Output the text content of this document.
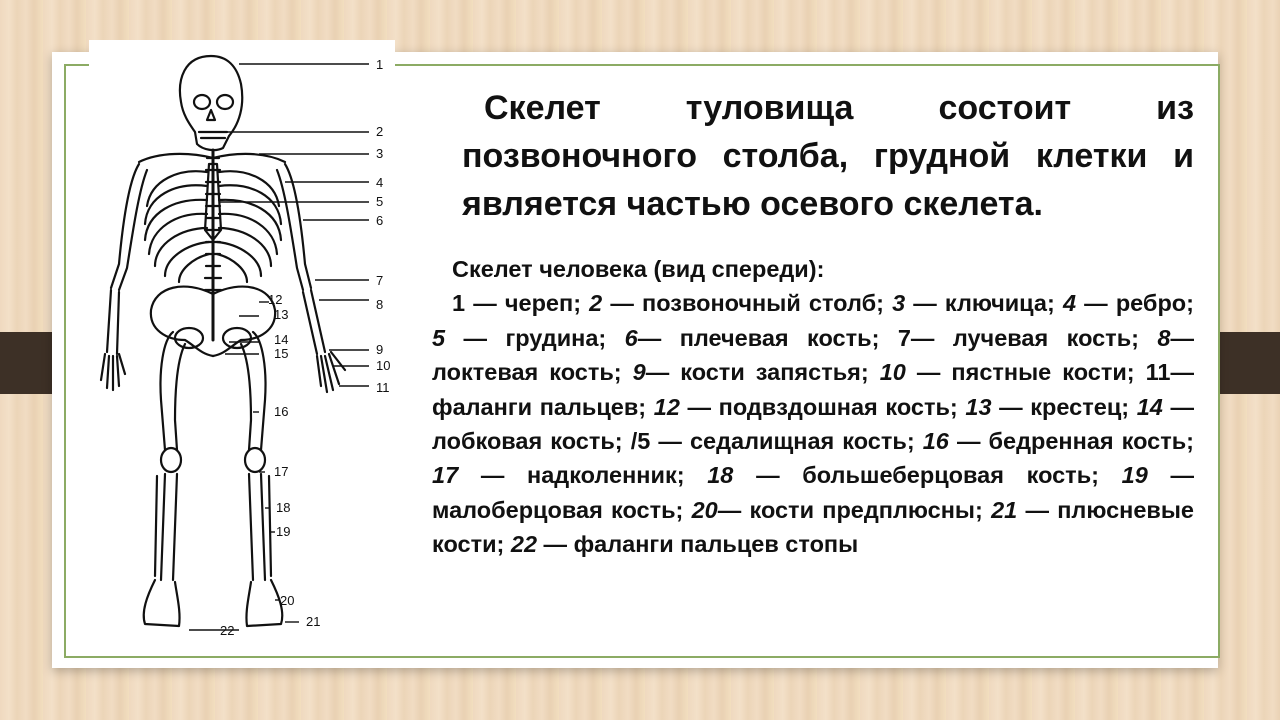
1
2
3
4
5
6
7
8
9
10
11
12
13
14
15
16
17
18
19
20
21
22

Скелет туловища состоит из позвоночного столба, грудной клетки и является частью осевого скелета.

Скелет человека (вид спереди):
1 — череп; 2 — позвоночный столб; 3 — ключица; 4 — ребро; 5 — грудина; 6— плечевая кость; 7— лучевая кость; 8— локтевая кость; 9— кости запястья; 10 — пястные кости; 11— фаланги пальцев; 12 — подвздошная кость; 13 — крестец; 14 — лобковая кость; /5 — седалищная кость; 16 — бедренная кость; 17 — надколенник; 18 — большеберцовая кость; 19 — малоберцовая кость; 20— кости предплюсны; 21 — плюсневые кости; 22 — фаланги пальцев стопы
